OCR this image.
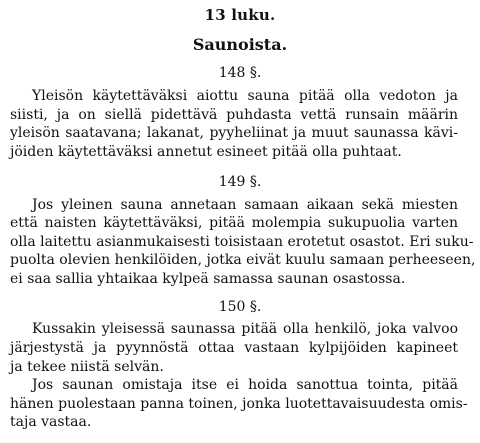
13 luku.
Saunoista.
148 §.
Yleisön käytettäväksi aiottu sauna pitää olla vedoton ja
siisti, ja on siellä pidettävä puhdasta vettä runsain määrin
yleisön saatavana; lakanat, pyyheliinat ja muut saunassa kävi-
jöiden käytettäväksi annetut esineet pitää olla puhtaat.
149 §.
Jos yleinen sauna annetaan samaan aikaan sekä miesten
että naisten käytettäväksi, pitää molempia sukupuolia varten
olla laitettu asianmukaisesti toisistaan erotetut osastot. Eri suku-
puolta olevien henkilöiden, jotka eivät kuulu samaan perheeseen,
ei saa sallia yhtaikaa kylpeä samassa saunan osastossa.
150 §.
Kussakin yleisessä saunassa pitää olla henkilö, joka valvoo
järjestystä ja pyynnöstä ottaa vastaan kylpijöiden kapineet
ja tekee niistä selvän.
Jos saunan omistaja itse ei hoida sanottua tointa, pitää
hänen puolestaan panna toinen, jonka luotettavaisuudesta omis-
taja vastaa.
